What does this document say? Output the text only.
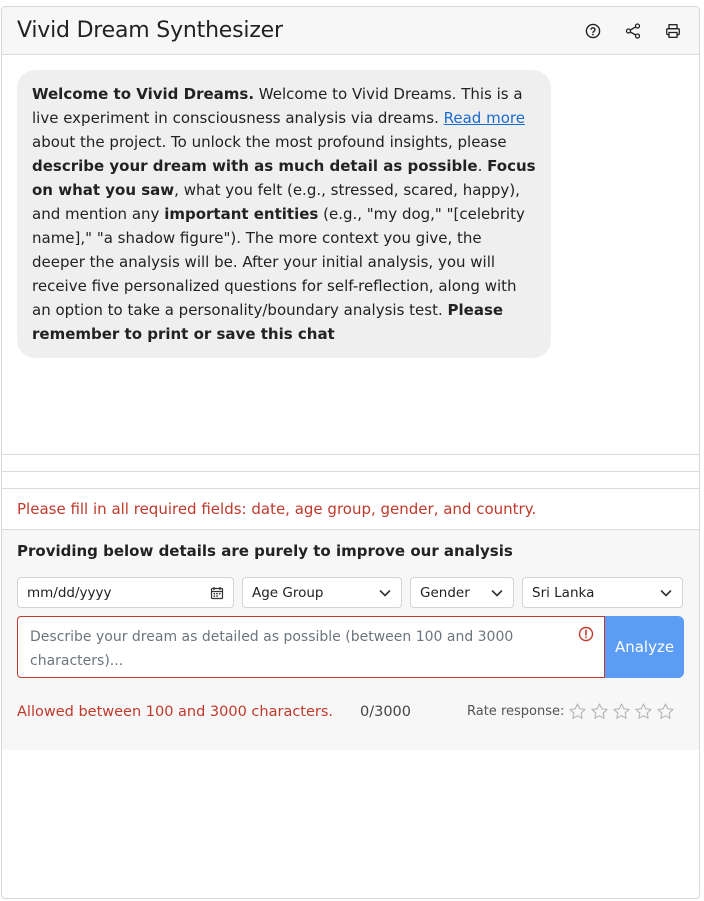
Vivid Dream Synthesizer
Welcome to Vivid Dreams. Welcome to Vivid Dreams. This is a live experiment in consciousness analysis via dreams. Read more about the project. To unlock the most profound insights, please describe your dream with as much detail as possible. Focus on what you saw, what you felt (e.g., stressed, scared, happy), and mention any important entities (e.g., "my dog," "[celebrity name]," "a shadow figure"). The more context you give, the deeper the analysis will be. After your initial analysis, you will receive five personalized questions for self-reflection, along with an option to take a personality/boundary analysis test. Please remember to print or save this chat
Please fill in all required fields: date, age group, gender, and country.
Providing below details are purely to improve our analysis
mm/dd/yyyy	Age Group	Gender	Sri Lanka
Describe your dream as detailed as possible (between 100 and 3000 characters)...
Analyze
Allowed between 100 and 3000 characters.	0/3000	Rate response:
